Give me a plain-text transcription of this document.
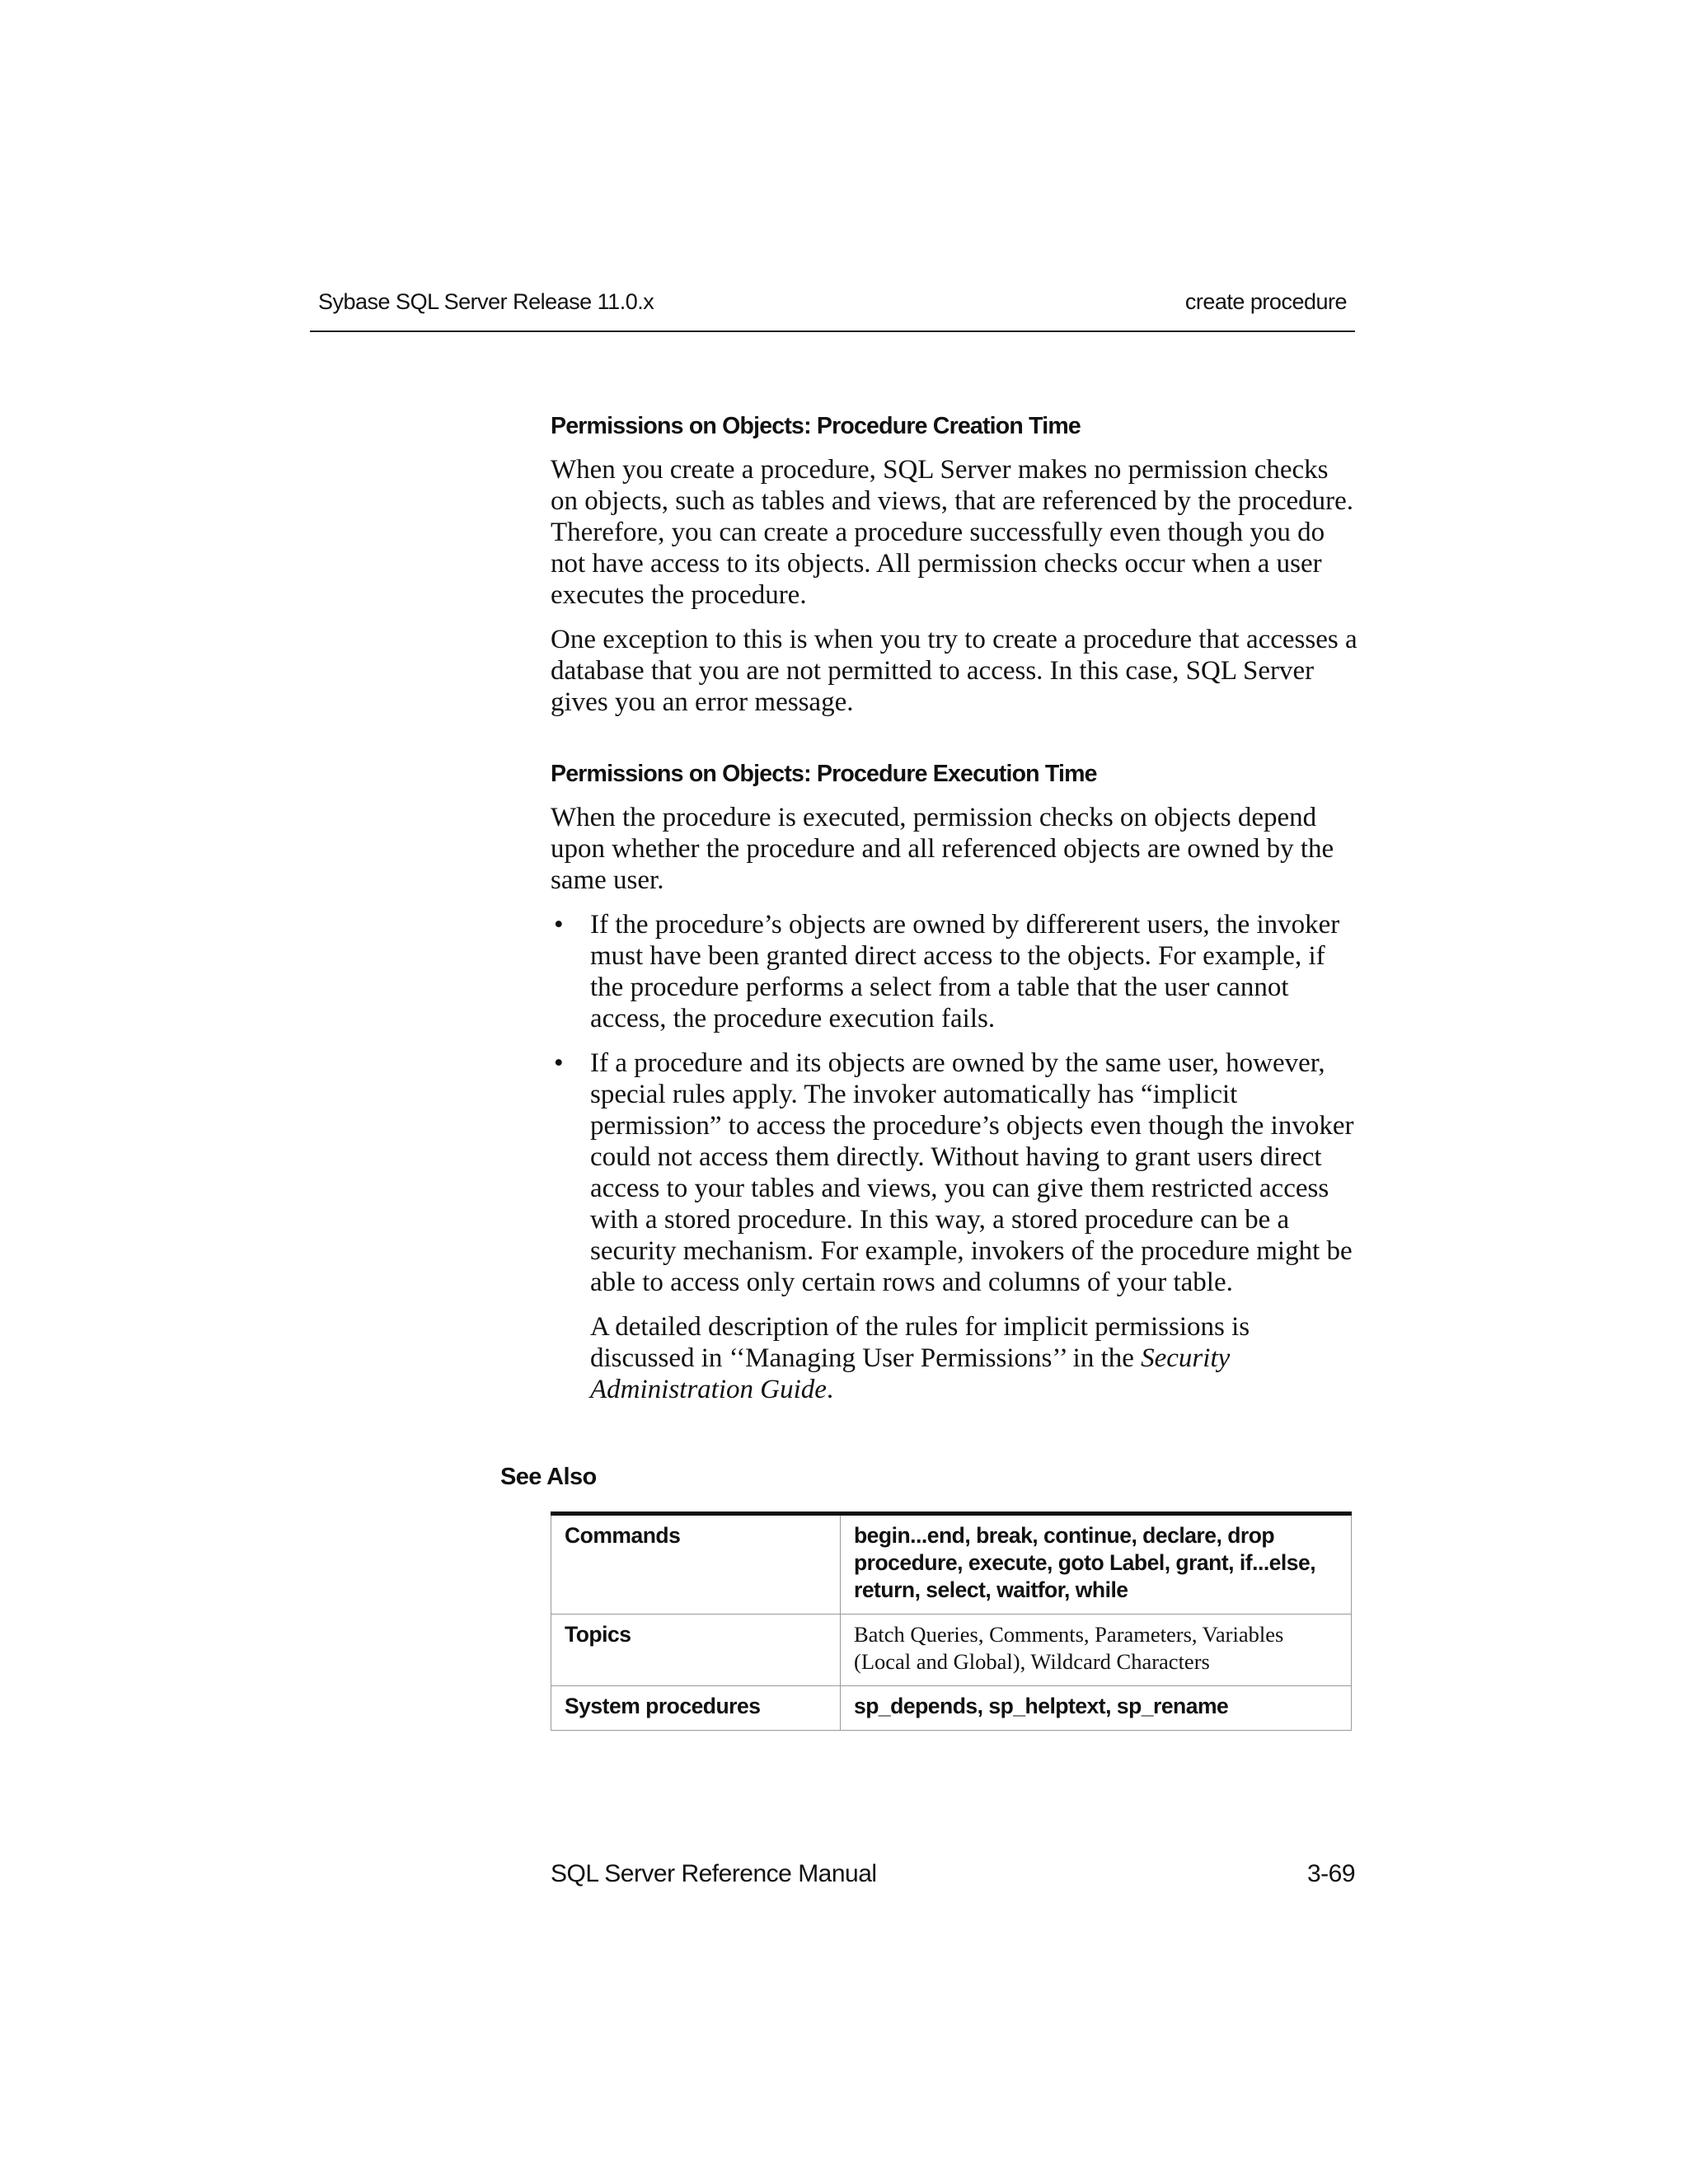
Sybase SQL Server Release 11.0.x	create procedure
Permissions on Objects: Procedure Creation Time

When you create a procedure, SQL Server makes no permission checks on objects, such as tables and views, that are referenced by the procedure. Therefore, you can create a procedure successfully even though you do not have access to its objects. All permission checks occur when a user executes the procedure.

One exception to this is when you try to create a procedure that accesses a database that you are not permitted to access. In this case, SQL Server gives you an error message.

Permissions on Objects: Procedure Execution Time

When the procedure is executed, permission checks on objects depend upon whether the procedure and all referenced objects are owned by the same user.

• If the procedure’s objects are owned by differerent users, the invoker must have been granted direct access to the objects. For example, if the procedure performs a select from a table that the user cannot access, the procedure execution fails.
• If a procedure and its objects are owned by the same user, however, special rules apply. The invoker automatically has “implicit permission” to access the procedure’s objects even though the invoker could not access them directly. Without having to grant users direct access to your tables and views, you can give them restricted access with a stored procedure. In this way, a stored procedure can be a security mechanism. For example, invokers of the procedure might be able to access only certain rows and columns of your table.
A detailed description of the rules for implicit permissions is discussed in ‘‘Managing User Permissions’’ in the Security Administration Guide.
See Also
Commands	begin...end, break, continue, declare, drop procedure, execute, goto Label, grant, if...else, return, select, waitfor, while
Topics	Batch Queries, Comments, Parameters, Variables (Local and Global), Wildcard Characters
System procedures	sp_depends, sp_helptext, sp_rename
SQL Server Reference Manual	3-69
